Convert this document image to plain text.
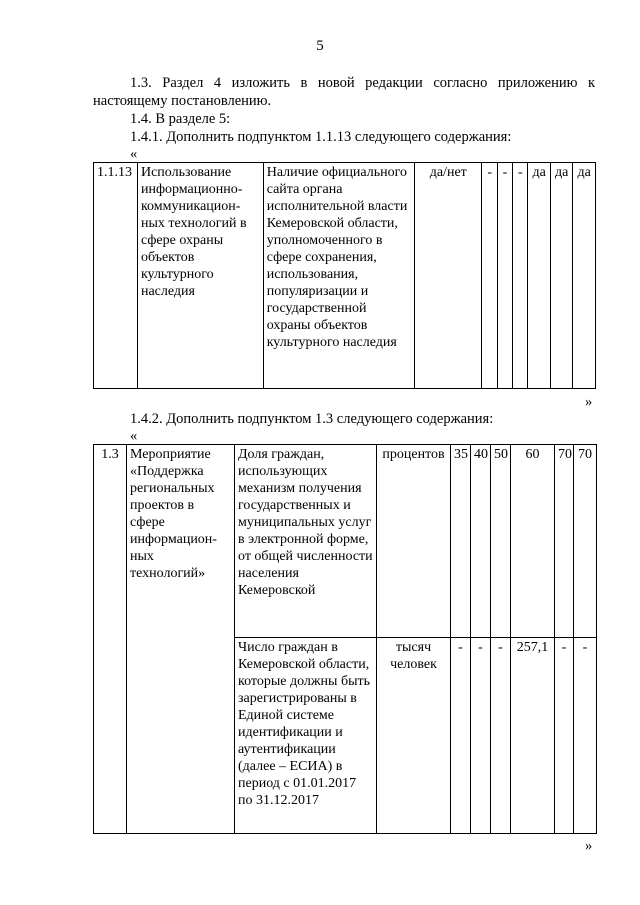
5
1.3. Раздел 4 изложить в новой редакции согласно приложению к
настоящему постановлению.
1.4. В разделе 5:
1.4.1. Дополнить подпунктом 1.1.13 следующего содержания:
«
1.1.13	Использование информационно-коммуникацион-ных технологий в сфере охраны объектов культурного наследия	Наличие официального сайта органа исполнительной власти Кемеровской области, уполномоченного в сфере сохранения, использования, популяризации и государственной охраны объектов культурного наследия	да/нет	-	-	-	да	да	да
»
1.4.2. Дополнить подпунктом 1.3 следующего содержания:
«
1.3	Мероприятие «Поддержка региональных проектов в сфере информацион-ных технологий»	Доля граждан, использующих механизм получения государственных и муниципальных услуг в электронной форме, от общей численности населения Кемеровской	процентов	35	40	50	60	70	70
		Число граждан в Кемеровской области, которые должны быть зарегистрированы в Единой системе идентификации и аутентификации (далее – ЕСИА) в период с 01.01.2017 по 31.12.2017	тысяч человек	-	-	-	257,1	-	-
»
